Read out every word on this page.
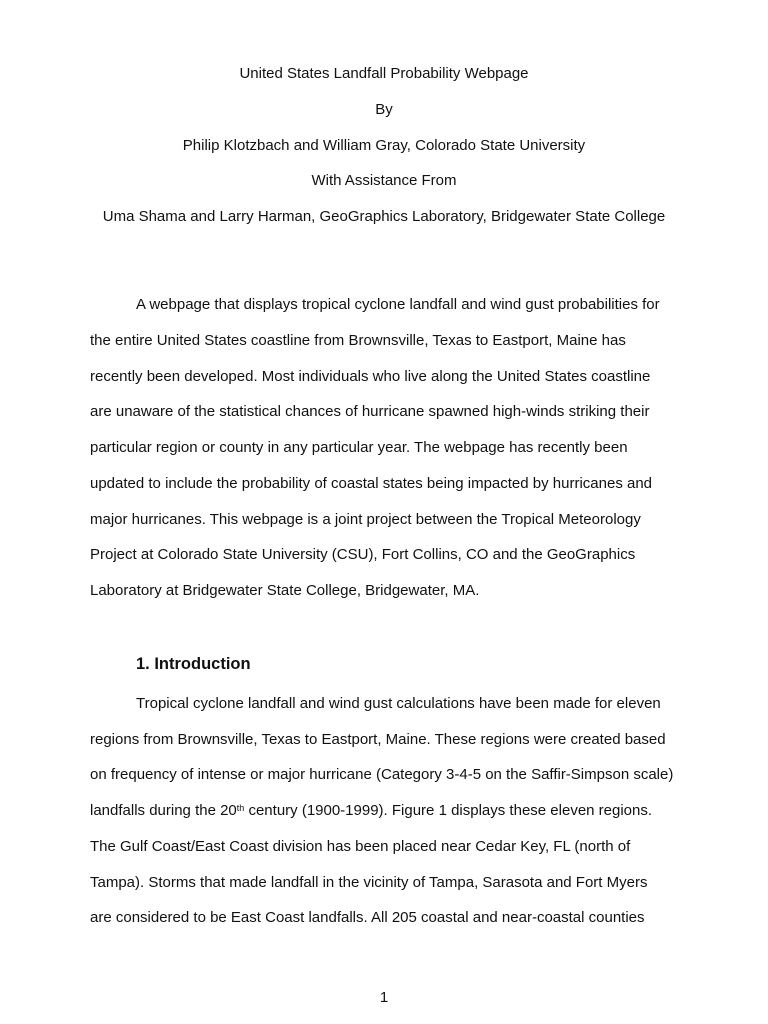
United States Landfall Probability Webpage
By
Philip Klotzbach and William Gray, Colorado State University
With Assistance From
Uma Shama and Larry Harman, GeoGraphics Laboratory, Bridgewater State College
A webpage that displays tropical cyclone landfall and wind gust probabilities for
the entire United States coastline from Brownsville, Texas to Eastport, Maine has
recently been developed. Most individuals who live along the United States coastline
are unaware of the statistical chances of hurricane spawned high-winds striking their
particular region or county in any particular year. The webpage has recently been
updated to include the probability of coastal states being impacted by hurricanes and
major hurricanes. This webpage is a joint project between the Tropical Meteorology
Project at Colorado State University (CSU), Fort Collins, CO and the GeoGraphics
Laboratory at Bridgewater State College, Bridgewater, MA.
1. Introduction
Tropical cyclone landfall and wind gust calculations have been made for eleven
regions from Brownsville, Texas to Eastport, Maine. These regions were created based
on frequency of intense or major hurricane (Category 3-4-5 on the Saffir-Simpson scale)
landfalls during the 20th century (1900-1999). Figure 1 displays these eleven regions.
The Gulf Coast/East Coast division has been placed near Cedar Key, FL (north of
Tampa). Storms that made landfall in the vicinity of Tampa, Sarasota and Fort Myers
are considered to be East Coast landfalls. All 205 coastal and near-coastal counties
1
